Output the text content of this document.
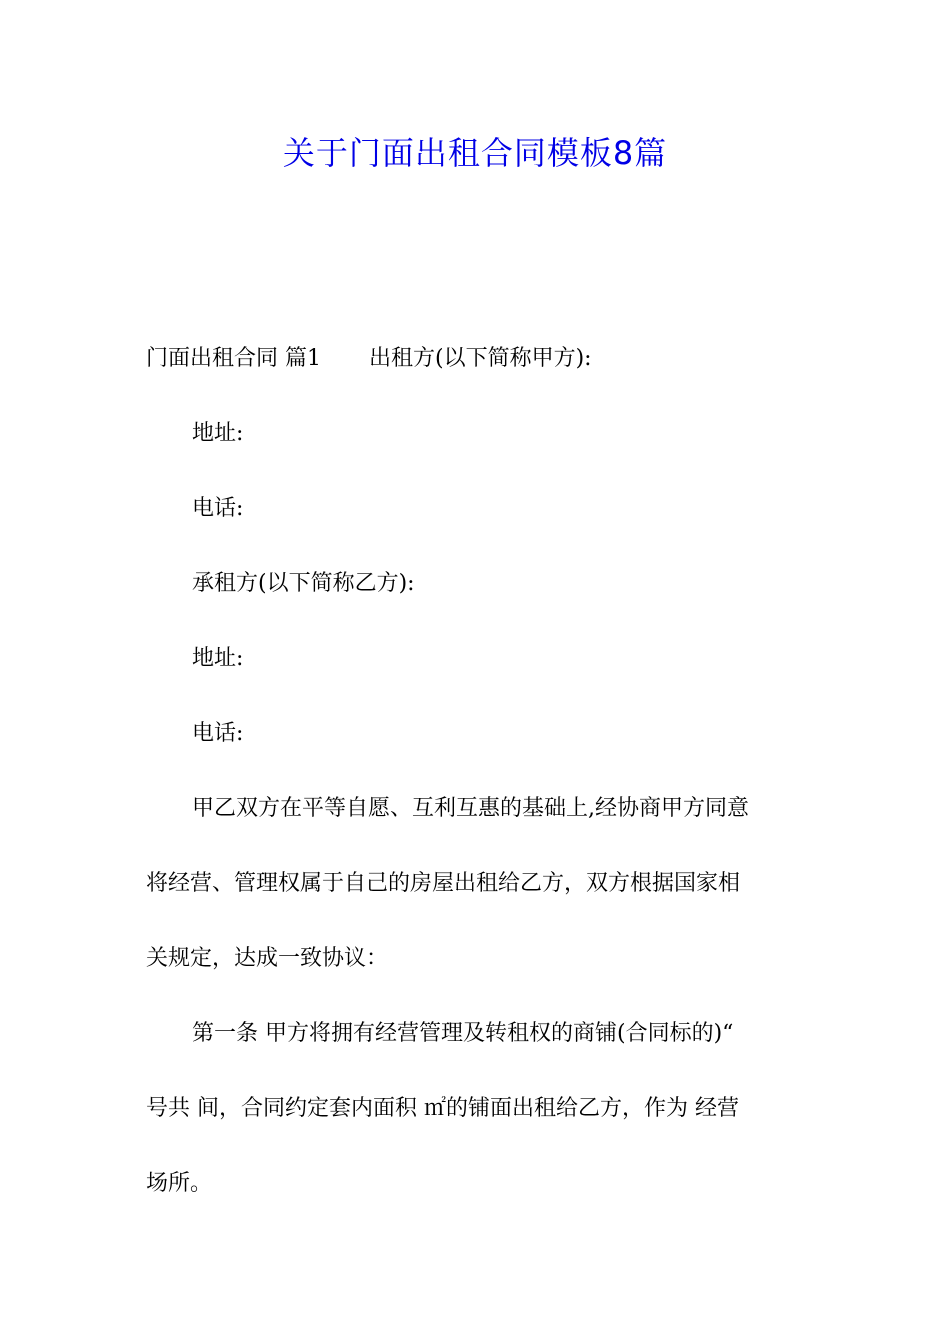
关于门面出租合同模板8篇
门面出租合同 篇1 出租方(以下简称甲方):
地址:
电话:
承租方(以下简称乙方):
地址:
电话:
甲乙双方在平等自愿、互利互惠的基础上,经协商甲方同意
将经营、管理权属于自己的房屋出租给乙方，双方根据国家相
关规定，达成一致协议：
第一条 甲方将拥有经营管理及转租权的商铺(合同标的)“
号共 间，合同约定套内面积 ㎡的铺面出租给乙方，作为 经营
场所。
